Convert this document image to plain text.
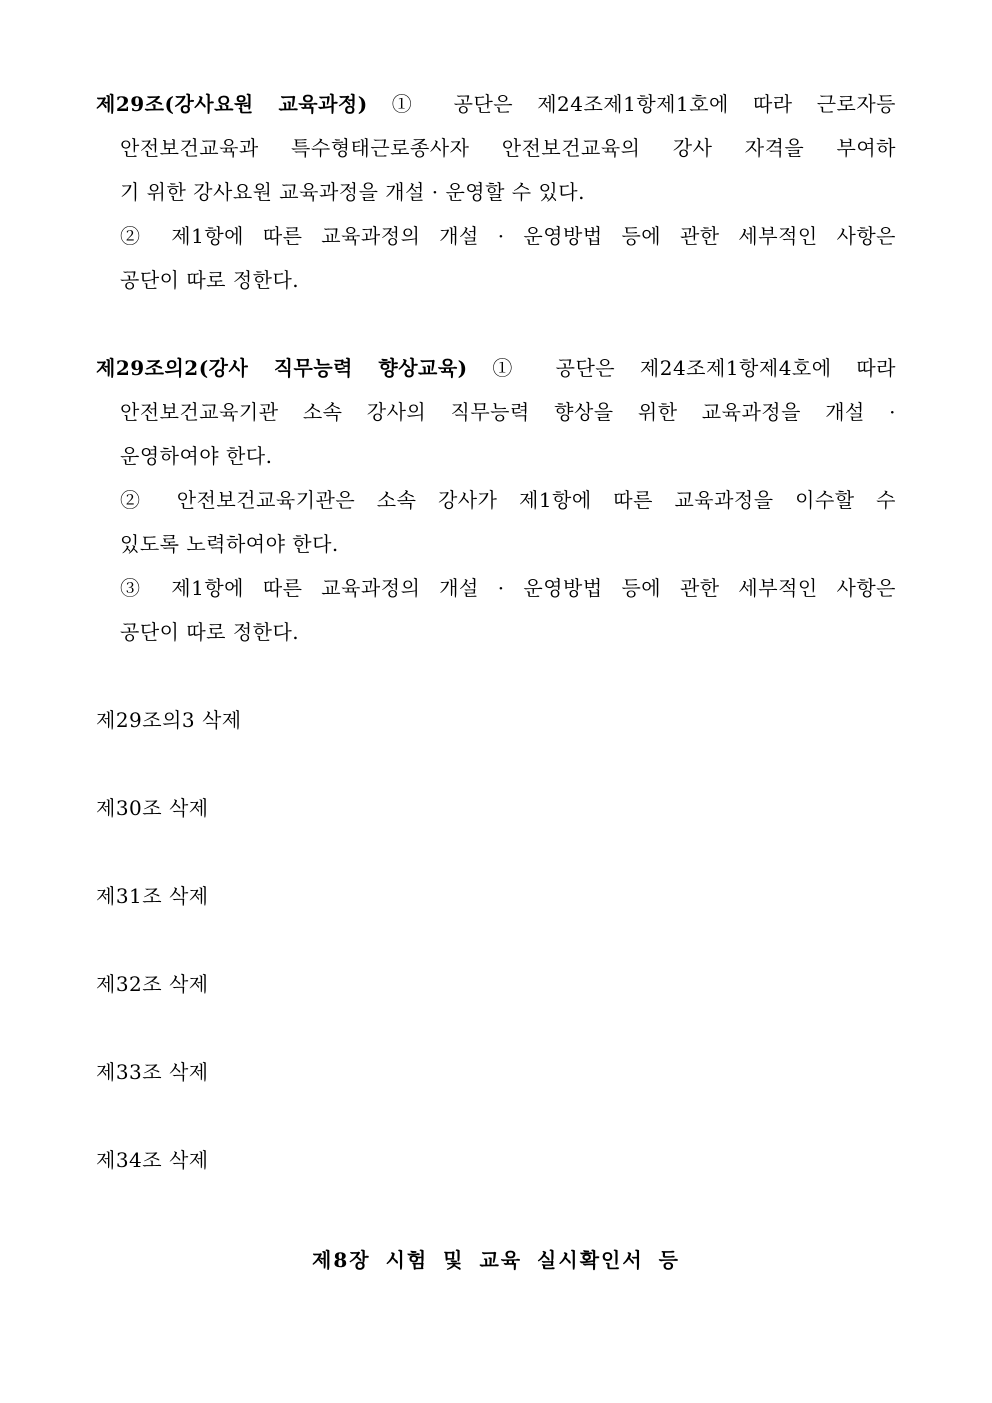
제29조(강사요원 교육과정) ① 공단은 제24조제1항제1호에 따라 근로자등
안전보건교육과 특수형태근로종사자 안전보건교육의 강사 자격을 부여하
기 위한 강사요원 교육과정을 개설 · 운영할 수 있다.
② 제1항에 따른 교육과정의 개설 · 운영방법 등에 관한 세부적인 사항은
공단이 따로 정한다.
제29조의2(강사 직무능력 향상교육) ① 공단은 제24조제1항제4호에 따라
안전보건교육기관 소속 강사의 직무능력 향상을 위한 교육과정을 개설 ·
운영하여야 한다.
② 안전보건교육기관은 소속 강사가 제1항에 따른 교육과정을 이수할 수
있도록 노력하여야 한다.
③ 제1항에 따른 교육과정의 개설 · 운영방법 등에 관한 세부적인 사항은
공단이 따로 정한다.
제29조의3 삭제
제30조 삭제
제31조 삭제
제32조 삭제
제33조 삭제
제34조 삭제
제8장 시험 및 교육 실시확인서 등
